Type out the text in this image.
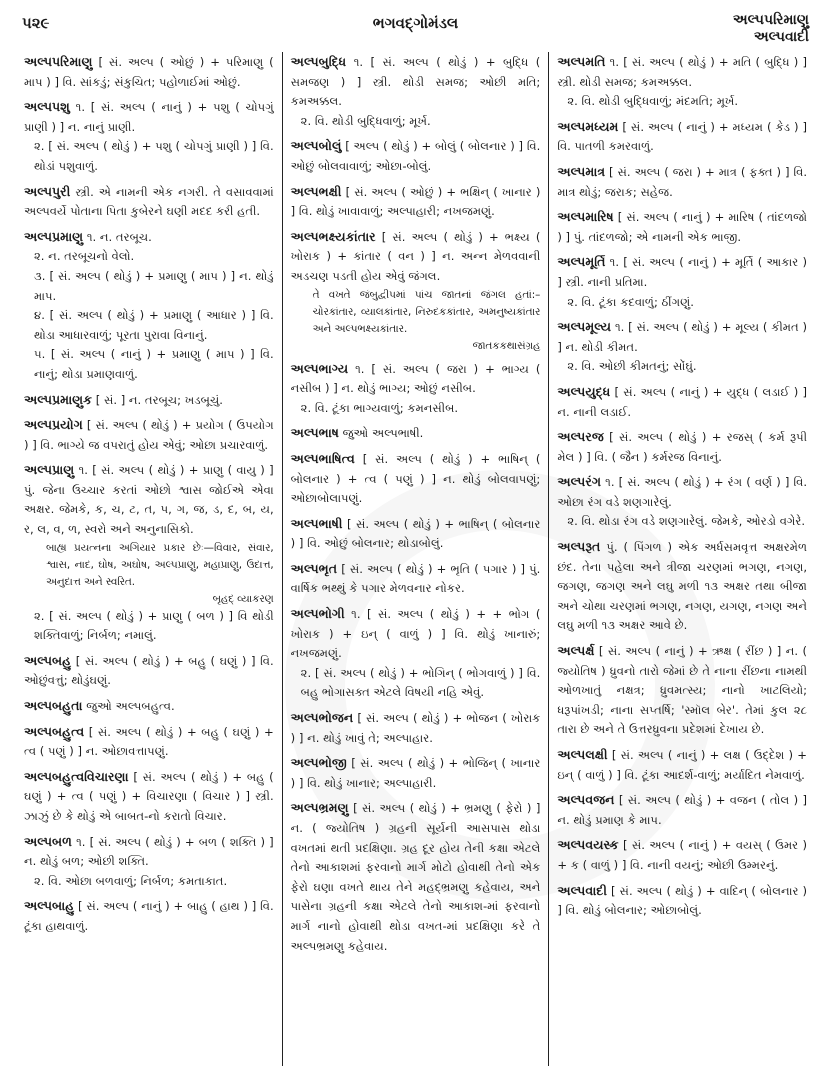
પ૨૯	ભગવદ્ગોમંડલ	અલ્પપરિમાણુ
અલ્પવાદી

અલ્પપરિમાણુ [ સં. અલ્પ ( ઓછું ) + પરિમાણુ ( માપ ) ] વિ. સાંકડું; સંકુચિત; પહોળાઈમાં ઓછું.

અલ્પપશુ ૧. [ સં. અલ્પ ( નાનું ) + પશુ ( ચોપગું પ્રાણી ) ] ન. નાનું પ્રાણી.
૨. [ સં. અલ્પ ( થોડું ) + પશુ ( ચોપગું પ્રાણી ) ] વિ. થોડાં પશુવાળું.

અલ્પપુરી સ્ત્રી. એ નામની એક નગરી. તે વસાવવામાં અલ્પવર્યે પોતાના પિતા કુબેરને ઘણી મદદ કરી હતી.

અલ્પપ્રમાણુ ૧. ન. તરબૂચ.
૨. ન. તરબૂચનો વેલો.
૩. [ સં. અલ્પ ( થોડું ) + પ્રમાણુ ( માપ ) ] ન. થોડું માપ.
૪. [ સં. અલ્પ ( થોડું ) + પ્રમાણુ ( આધાર ) ] વિ. થોડા આધારવાળું; પૂરતા પુરાવા વિનાનું.
૫. [ સં. અલ્પ ( નાનું ) + પ્રમાણુ ( માપ ) ] વિ. નાનું; થોડા પ્રમાણવાળું.

અલ્પપ્રમાણુક [ સં. ] ન. તરબૂચ; ખડબૂચું.

અલ્પપ્રયોગ [ સં. અલ્પ ( થોડું ) + પ્રયોગ ( ઉપયોગ ) ] વિ. ભાગ્યે જ વપરાતું હોય એવું; ઓછા પ્રચારવાળું.

અલ્પપ્રાણુ ૧. [ સં. અલ્પ ( થોડું ) + પ્રાણુ ( વાયુ ) ] પું. જેના ઉચ્ચાર કરતાં ઓછો શ્વાસ જોઈએ એવા અક્ષર. જેમકે, ક, ચ, ટ, ત, પ, ગ, જ, ડ, દ, બ, ય, ર, લ, વ, ળ, સ્વરો અને અનુનાસિકો.
બાહ્ય પ્રયત્નના અગિયાર પ્રકાર છેઃ—વિવાર, સંવાર, શ્વાસ, નાદ, ઘોષ, અઘોષ, અલ્પપ્રાણુ, મહાપ્રાણુ, ઉદાત્ત, અનુદાત્ત અને સ્વરિત.
બૃહદ્ વ્યાકરણ
૨. [ સં. અલ્પ ( થોડું ) + પ્રાણુ ( બળ ) ] વિ થોડી શક્તિવાળું; નિર્બળ; નમાલું.

અલ્પબહુ [ સં. અલ્પ ( થોડું ) + બહુ ( ઘણું ) ] વિ. ઓછુંવત્તું; થોડુંઘણું.

અલ્પબહુતા જુઓ અલ્પબહુત્વ.

અલ્પબહુત્વ [ સં. અલ્પ ( થોડું ) + બહુ ( ઘણું ) + ત્વ ( પણું ) ] ન. ઓછાવત્તાપણું.

અલ્પબહુત્વવિચારણા [ સં. અલ્પ ( થોડું ) + બહુ ( ઘણું ) + ત્વ ( પણું ) + વિચારણા ( વિચાર ) ] સ્ત્રી. ઝાઝું છે કે થોડું એ બાબત-નો કરાતો વિચાર.

અલ્પબળ ૧. [ સં. અલ્પ ( થોડું ) + બળ ( શક્તિ ) ] ન. થોડું બળ; ઓછી શક્તિ.
૨. વિ. ઓછા બળવાળું; નિર્બળ; કમતાકાત.

અલ્પબાહુ [ સં. અલ્પ ( નાનું ) + બાહુ ( હાથ ) ] વિ. ટૂંકા હાથવાળું.

અલ્પબુદ્ધિ ૧. [ સં. અલ્પ ( થોડું ) + બુદ્ધિ ( સમજણ ) ] સ્ત્રી. થોડી સમજ; ઓછી મતિ; કમઅક્કલ.
૨. વિ. થોડી બુદ્ધિવાળું; મૂર્ખ.

અલ્પબોલું [ અલ્પ ( થોડું ) + બોલું ( બોલનાર ) ] વિ. ઓછું બોલવાવાળું; ઓછા-બોલું.

અલ્પભક્ષી [ સં. અલ્પ ( ઓછું ) + ભક્ષિન્ ( ખાનાર ) ] વિ. થોડું ખાવાવાળું; અલ્પાહારી; નખજમણું.

અલ્પભક્ષ્યકાંતાર [ સં. અલ્પ ( થોડું ) + ભક્ષ્ય ( ખોરાક ) + કાંતાર ( વન ) ] ન. અન્ન મેળવવાની અડચણ પડતી હોય એવું જંગલ.
તે વખતે જંબુદ્વીપમાં પાંચ જાતનાં જંગલ હતાં:–ચોરકાંતાર, વ્યાલકાંતાર, નિરુદકકાંતાર, અમનુષ્યકાંતાર અને અલ્પભક્ષ્યકાંતાર.
જાતકકથાસંગ્રહ

અલ્પભાગ્ય ૧. [ સં. અલ્પ ( જરા ) + ભાગ્ય ( નસીબ ) ] ન. થોડું ભાગ્ય; ઓછું નસીબ.
૨. વિ. ટૂંકા ભાગ્યવાળું; કમનસીબ.

અલ્પભાષ જુઓ અલ્પભાષી.

અલ્પભાષિત્વ [ સં. અલ્પ ( થોડું ) + ભાષિન્ ( બોલનાર ) + ત્વ ( પણું ) ] ન. થોડું બોલવાપણું; ઓછાબોલાપણું.

અલ્પભાષી [ સં. અલ્પ ( થોડું ) + ભાષિન્ ( બોલનાર ) ] વિ. ઓછું બોલનાર; થોડાબોલું.

અલ્પભૃત [ સં. અલ્પ ( થોડું ) + ભૃતિ ( પગાર ) ] પું. વાર્ષિક ભથ્થું કે પગાર મેળવનાર નોકર.

અલ્પભોગી ૧. [ સં. અલ્પ ( થોડું ) + + ભોગ ( ખોરાક ) + ઇન્ ( વાળું ) ] વિ. થોડું ખાનારું; નખજમણું.
૨. [ સં. અલ્પ ( થોડું ) + ભોગિન્ ( ભોગવાળું ) ] વિ. બહુ ભોગાસક્ત એટલે વિષયી નહિ એવું.

અલ્પભોજન [ સં. અલ્પ ( થોડું ) + ભોજન ( ખોરાક ) ] ન. થોડું ખાવું તે; અલ્પાહાર.

અલ્પભોજી [ સં. અલ્પ ( થોડું ) + ભોજિન્ ( ખાનાર ) ] વિ. થોડું ખાનાર; અલ્પાહારી.

અલ્પભ્રમણુ [ સં. અલ્પ ( થોડું ) + ભ્રમણુ ( ફેરો ) ] ન. ( જ્યોતિષ ) ગ્રહની સૂર્યની આસપાસ થોડા વખતમાં થતી પ્રદક્ષિણા. ગ્રહ દૂર હોય તેની કક્ષા એટલે તેનો આકાશમાં ફરવાનો માર્ગ મોટો હોવાથી તેનો એક ફેરો ઘણા વખતે થાય તેને મહદ્ભ્રમણુ કહેવાય, અને પાસેના ગ્રહની કક્ષા એટલે તેનો આકાશ-માં ફરવાનો માર્ગ નાનો હોવાથી થોડા વખત-માં પ્રદક્ષિણા કરે તે અલ્પભ્રમણુ કહેવાય.

અલ્પમતિ ૧. [ સં. અલ્પ ( થોડું ) + મતિ ( બુદ્ધિ ) ] સ્ત્રી. થોડી સમજ; કમઅક્કલ.
૨. વિ. થોડી બુદ્ધિવાળું; મંદમતિ; મૂર્ખ.

અલ્પમધ્યમ [ સં. અલ્પ ( નાનું ) + મધ્યમ ( કેડ ) ] વિ. પાતળી કમરવાળું.

અલ્પમાત્ર [ સં. અલ્પ ( જરા ) + માત્ર ( ફક્ત ) ] વિ. માત્ર થોડું; જરાક; સહેજ.

અલ્પમારિષ [ સં. અલ્પ ( નાનું ) + મારિષ ( તાંદળજો ) ] પું. તાંદળજો; એ નામની એક ભાજી.

અલ્પમૂર્તિ ૧. [ સં. અલ્પ ( નાનું ) + મૂર્તિ ( આકાર ) ] સ્ત્રી. નાની પ્રતિમા.
૨. વિ. ટૂંકા કદવાળું; ઠીંગણું.

અલ્પમૂલ્ય ૧. [ સં. અલ્પ ( થોડું ) + મૂલ્ય ( કીમત ) ] ન. થોડી કીમત.
૨. વિ. ઓછી કીમતનું; સોંઘું.

અલ્પયુદ્ધ [ સં. અલ્પ ( નાનું ) + યુદ્ધ ( લડાઈ ) ] ન. નાની લડાઈ.

અલ્પરજ [ સં. અલ્પ ( થોડું ) + રજસ્ ( કર્મ રૂપી મેલ ) ] વિ. ( જૈન ) કર્મરજ વિનાનું.

અલ્પરંગ ૧. [ સં. અલ્પ ( થોડું ) + રંગ ( વર્ણ ) ] વિ. ઓછા રંગ વડે શણગારેલું.
૨. વિ. થોડા રંગ વડે શણગારેલું. જેમકે, ઓરડો વગેરે.

અલ્પરૂત પું. ( પિંગળ ) એક અર્ધસમવૃત્ત અક્ષરમેળ છંદ. તેના પહેલા અને ત્રીજા ચરણમાં ભગણ, નગણ, જગણ, જગણ અને લઘુ મળી ૧૩ અક્ષર તથા બીજા અને ચોથા ચરણમાં ભગણ, નગણ, યગણ, નગણ અને લઘુ મળી ૧૩ અક્ષર આવે છે.

અલ્પર્ક્ષ [ સં. અલ્પ ( નાનું ) + ઋક્ષ ( રીંછ ) ] ન. ( જ્યોતિષ ) ધ્રુવનો તારો જેમાં છે તે નાના રીંછના નામથી ઓળખાતું નક્ષત્ર; ધ્રુવમત્સ્ય; નાનો ખાટલિયો; ધરૂપાંખડી; નાના સપ્તર્ષિ; 'સ્મૉલ બેર'. તેમાં કુલ ૨૮ તારા છે અને તે ઉત્તરધ્રુવના પ્રદેશમાં દેખાય છે.

અલ્પલક્ષી [ સં. અલ્પ ( નાનું ) + લક્ષ ( ઉદ્દેશ ) + ઇન્ ( વાળું ) ] વિ. ટૂંકા આદર્શ-વાળું; મર્યાદિત નેમવાળું.

અલ્પવજન [ સં. અલ્પ ( થોડું ) + વજન ( તોલ ) ] ન. થોડું પ્રમાણ કે માપ.

અલ્પવયસ્ક [ સં. અલ્પ ( નાનું ) + વયસ્ ( ઉમર ) + ક ( વાળું ) ] વિ. નાની વયનું; ઓછી ઉમ્મરનું.

અલ્પવાદી [ સં. અલ્પ ( થોડું ) + વાદિન્ ( બોલનાર ) ] વિ. થોડું બોલનાર; ઓછાબોલું.
